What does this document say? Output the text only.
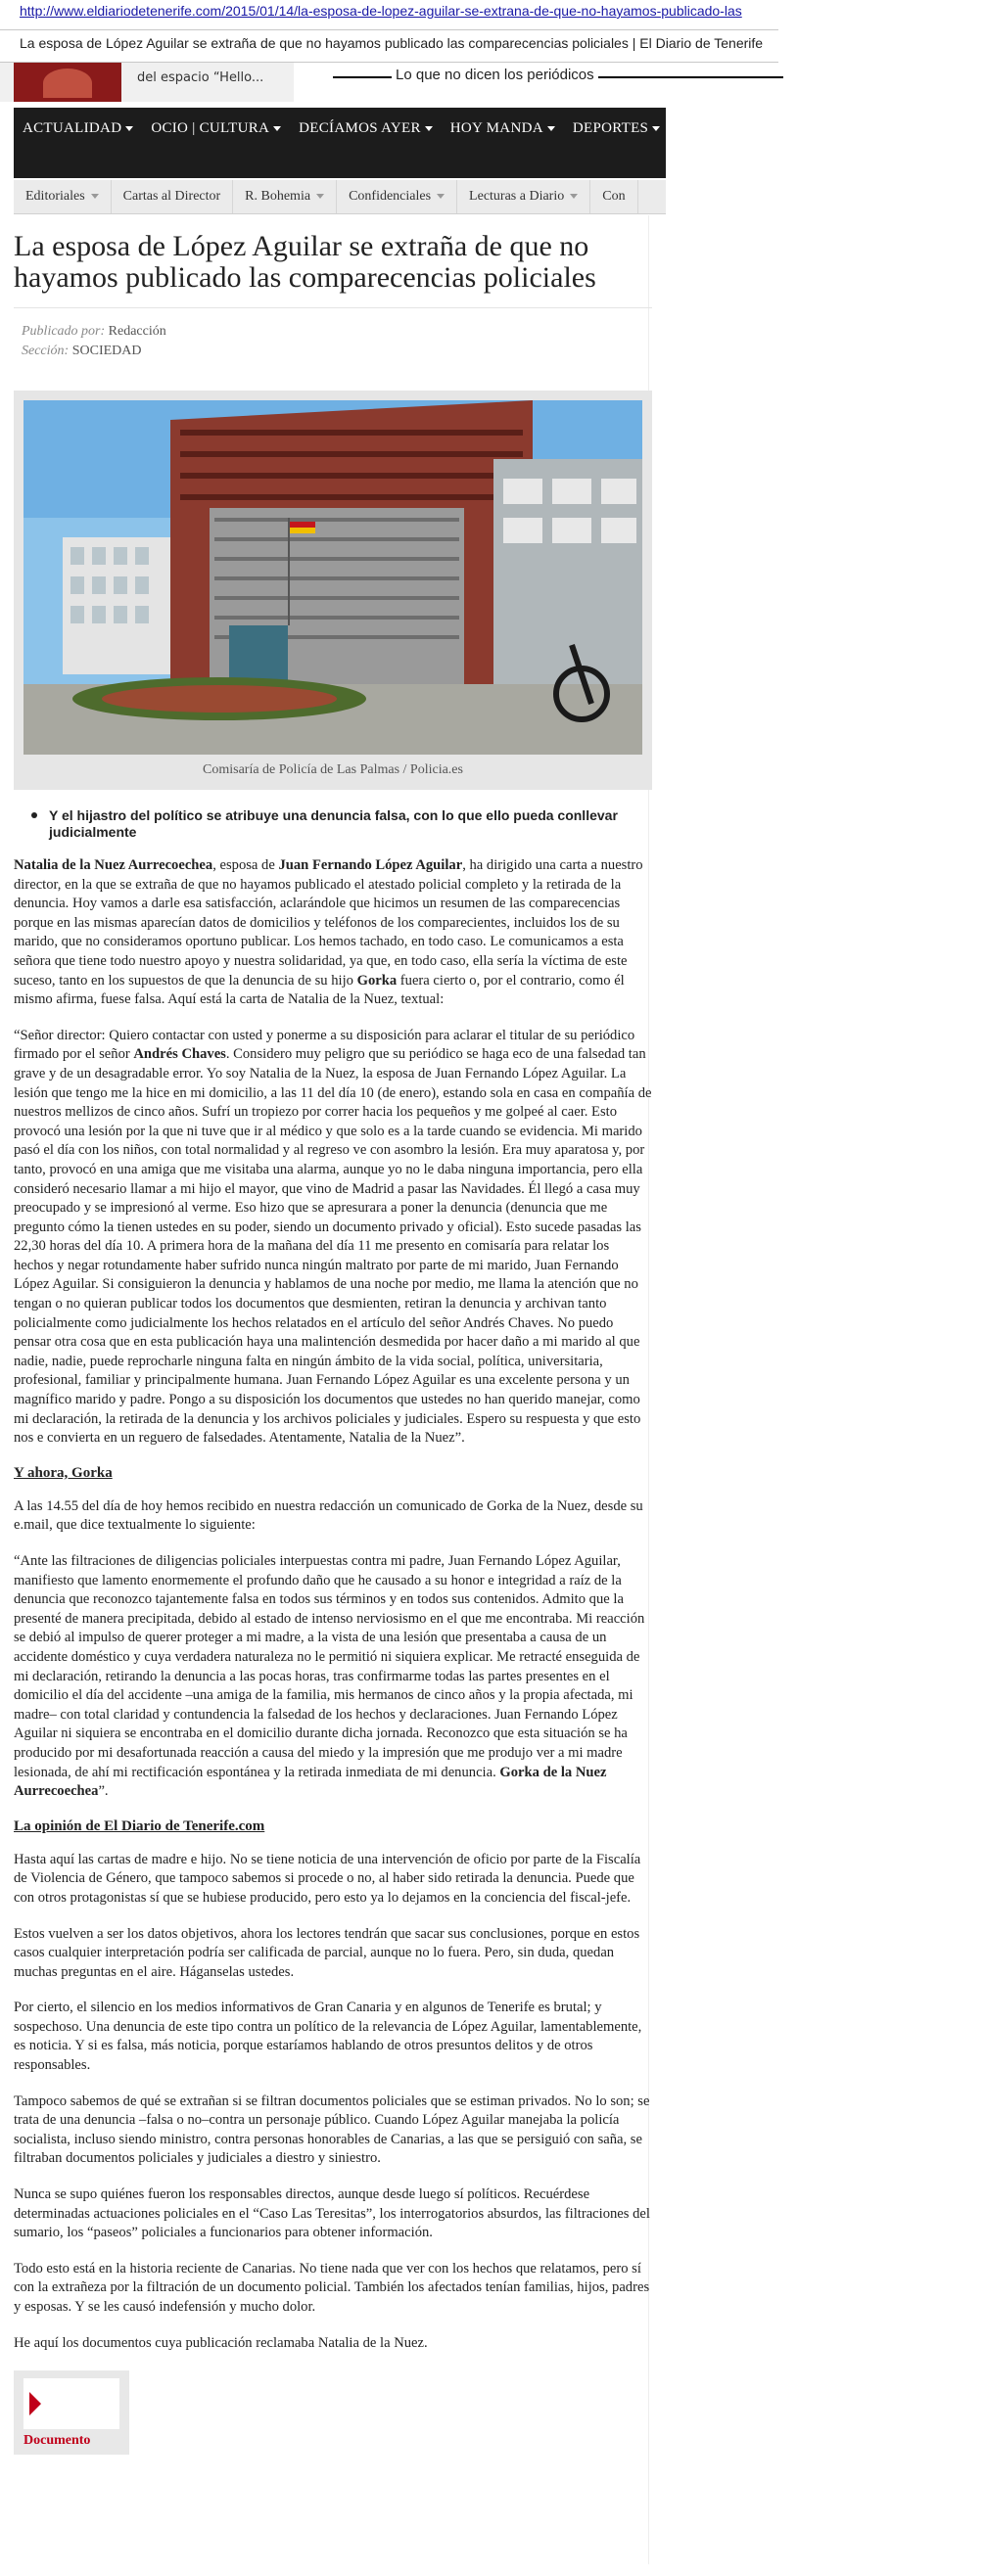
http://www.eldiariodetenerife.com/2015/01/14/la-esposa-de-lopez-aguilar-se-extrana-de-que-no-hayamos-publicado-las
La esposa de López Aguilar se extraña de que no hayamos publicado las comparecencias policiales | El Diario de Tenerife
del espacio “Hello...	Lo que no dicen los periódicos
ACTUALIDAD	OCIO | CULTURA	DECÍAMOS AYER	HOY MANDA	DEPORTES	TRIBU
Editoriales	Cartas al Director	R. Bohemia	Confidenciales	Lecturas a Diario	Con
La esposa de López Aguilar se extraña de que no hayamos publicado las comparecencias policiales
Publicado por: Redacción
Sección: SOCIEDAD
Comisaría de Policía de Las Palmas / Policia.es
Y el hijastro del político se atribuye una denuncia falsa, con lo que ello pueda conllevar judicialmente

Natalia de la Nuez Aurrecoechea, esposa de Juan Fernando López Aguilar, ha dirigido una carta a nuestro director, en la que se extraña de que no hayamos publicado el atestado policial completo y la retirada de la denuncia. Hoy vamos a darle esa satisfacción, aclarándole que hicimos un resumen de las comparecencias porque en las mismas aparecían datos de domicilios y teléfonos de los comparecientes, incluidos los de su marido, que no consideramos oportuno publicar. Los hemos tachado, en todo caso. Le comunicamos a esta señora que tiene todo nuestro apoyo y nuestra solidaridad, ya que, en todo caso, ella sería la víctima de este suceso, tanto en los supuestos de que la denuncia de su hijo Gorka fuera cierto o, por el contrario, como él mismo afirma, fuese falsa. Aquí está la carta de Natalia de la Nuez, textual:

“Señor director: Quiero contactar con usted y ponerme a su disposición para aclarar el titular de su periódico firmado por el señor Andrés Chaves. Considero muy peligro que su periódico se haga eco de una falsedad tan grave y de un desagradable error. Yo soy Natalia de la Nuez, la esposa de Juan Fernando López Aguilar. La lesión que tengo me la hice en mi domicilio, a las 11 del día 10 (de enero), estando sola en casa en compañía de nuestros mellizos de cinco años. Sufrí un tropiezo por correr hacia los pequeños y me golpeé al caer. Esto provocó una lesión por la que ni tuve que ir al médico y que solo es a la tarde cuando se evidencia. Mi marido pasó el día con los niños, con total normalidad y al regreso ve con asombro la lesión. Era muy aparatosa y, por tanto, provocó en una amiga que me visitaba una alarma, aunque yo no le daba ninguna importancia, pero ella consideró necesario llamar a mi hijo el mayor, que vino de Madrid a pasar las Navidades. Él llegó a casa muy preocupado y se impresionó al verme. Eso hizo que se apresurara a poner la denuncia (denuncia que me pregunto cómo la tienen ustedes en su poder, siendo un documento privado y oficial). Esto sucede pasadas las 22,30 horas del día 10. A primera hora de la mañana del día 11 me presento en comisaría para relatar los hechos y negar rotundamente haber sufrido nunca ningún maltrato por parte de mi marido, Juan Fernando López Aguilar. Si consiguieron la denuncia y hablamos de una noche por medio, me llama la atención que no tengan o no quieran publicar todos los documentos que desmienten, retiran la denuncia y archivan tanto policialmente como judicialmente los hechos relatados en el artículo del señor Andrés Chaves. No puedo pensar otra cosa que en esta publicación haya una malintención desmedida por hacer daño a mi marido al que nadie, nadie, puede reprocharle ninguna falta en ningún ámbito de la vida social, política, universitaria, profesional, familiar y principalmente humana. Juan Fernando López Aguilar es una excelente persona y un magnífico marido y padre. Pongo a su disposición los documentos que ustedes no han querido manejar, como mi declaración, la retirada de la denuncia y los archivos policiales y judiciales. Espero su respuesta y que esto nos e convierta en un reguero de falsedades. Atentamente, Natalia de la Nuez”.

Y ahora, Gorka

A las 14.55 del día de hoy hemos recibido en nuestra redacción un comunicado de Gorka de la Nuez, desde su e.mail, que dice textualmente lo siguiente:

“Ante las filtraciones de diligencias policiales interpuestas contra mi padre, Juan Fernando López Aguilar, manifiesto que lamento enormemente el profundo daño que he causado a su honor e integridad a raíz de la denuncia que reconozco tajantemente falsa en todos sus términos y en todos sus contenidos. Admito que la presenté de manera precipitada, debido al estado de intenso nerviosismo en el que me encontraba. Mi reacción se debió al impulso de querer proteger a mi madre, a la vista de una lesión que presentaba a causa de un accidente doméstico y cuya verdadera naturaleza no le permitió ni siquiera explicar. Me retracté enseguida de mi declaración, retirando la denuncia a las pocas horas, tras confirmarme todas las partes presentes en el domicilio el día del accidente –una amiga de la familia, mis hermanos de cinco años y la propia afectada, mi madre– con total claridad y contundencia la falsedad de los hechos y declaraciones. Juan Fernando López Aguilar ni siquiera se encontraba en el domicilio durante dicha jornada. Reconozco que esta situación se ha producido por mi desafortunada reacción a causa del miedo y la impresión que me produjo ver a mi madre lesionada, de ahí mi rectificación espontánea y la retirada inmediata de mi denuncia. Gorka de la Nuez Aurrecoechea”.

La opinión de El Diario de Tenerife.com

Hasta aquí las cartas de madre e hijo. No se tiene noticia de una intervención de oficio por parte de la Fiscalía de Violencia de Género, que tampoco sabemos si procede o no, al haber sido retirada la denuncia. Puede que con otros protagonistas sí que se hubiese producido, pero esto ya lo dejamos en la conciencia del fiscal-jefe.

Estos vuelven a ser los datos objetivos, ahora los lectores tendrán que sacar sus conclusiones, porque en estos casos cualquier interpretación podría ser calificada de parcial, aunque no lo fuera. Pero, sin duda, quedan muchas preguntas en el aire. Háganselas ustedes.

Por cierto, el silencio en los medios informativos de Gran Canaria y en algunos de Tenerife es brutal; y sospechoso. Una denuncia de este tipo contra un político de la relevancia de López Aguilar, lamentablemente, es noticia. Y si es falsa, más noticia, porque estaríamos hablando de otros presuntos delitos y de otros responsables.

Tampoco sabemos de qué se extrañan si se filtran documentos policiales que se estiman privados. No lo son; se trata de una denuncia –falsa o no–contra un personaje público. Cuando López Aguilar manejaba la policía socialista, incluso siendo ministro, contra personas honorables de Canarias, a las que se persiguió con saña, se filtraban documentos policiales y judiciales a diestro y siniestro.

Nunca se supo quiénes fueron los responsables directos, aunque desde luego sí políticos. Recuérdese determinadas actuaciones policiales en el “Caso Las Teresitas”, los interrogatorios absurdos, las filtraciones del sumario, los “paseos” policiales a funcionarios para obtener información.

Todo esto está en la historia reciente de Canarias. No tiene nada que ver con los hechos que relatamos, pero sí con la extrañeza por la filtración de un documento policial. También los afectados tenían familias, hijos, padres y esposas. Y se les causó indefensión y mucho dolor.

He aquí los documentos cuya publicación reclamaba Natalia de la Nuez.

Documento
